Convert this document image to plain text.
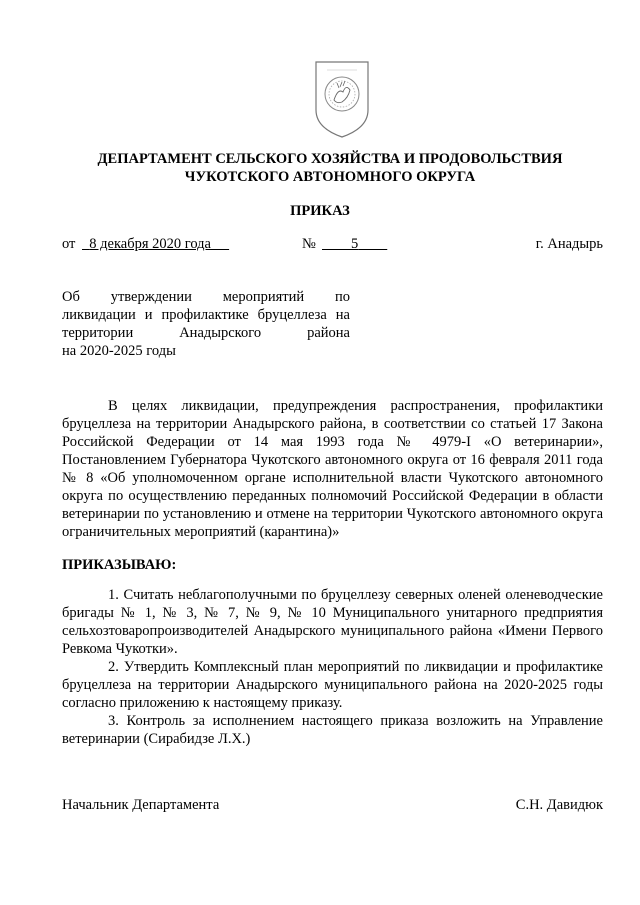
ДЕПАРТАМЕНТ СЕЛЬСКОГО ХОЗЯЙСТВА И ПРОДОВОЛЬСТВИЯ
ЧУКОТСКОГО АВТОНОМНОГО ОКРУГА
ПРИКАЗ
от 8 декабря 2020 года	№	5	г. Анадырь
Об утверждении мероприятий по
ликвидации и профилактике бруцеллеза на
территории Анадырского района
на 2020-2025 годы
В целях ликвидации, предупреждения распространения, профилактики бруцеллеза на территории Анадырского района, в соответствии со статьей 17 Закона Российской Федерации от 14 мая 1993 года № 4979-I «О ветеринарии», Постановлением Губернатора Чукотского автономного округа от 16 февраля 2011 года № 8 «Об уполномоченном органе исполнительной власти Чукотского автономного округа по осуществлению переданных полномочий Российской Федерации в области ветеринарии по установлению и отмене на территории Чукотского автономного округа ограничительных мероприятий (карантина)»
ПРИКАЗЫВАЮ:

1. Считать неблагополучными по бруцеллезу северных оленей оленеводческие бригады № 1, № 3, № 7, № 9, № 10 Муниципального унитарного предприятия сельхозтоваропроизводителей Анадырского муниципального района «Имени Первого Ревкома Чукотки».

2. Утвердить Комплексный план мероприятий по ликвидации и профилактике бруцеллеза на территории Анадырского муниципального района на 2020-2025 годы согласно приложению к настоящему приказу.

3. Контроль за исполнением настоящего приказа возложить на Управление ветеринарии (Сирабидзе Л.Х.)

Начальник Департамента	С.Н. Давидюк
